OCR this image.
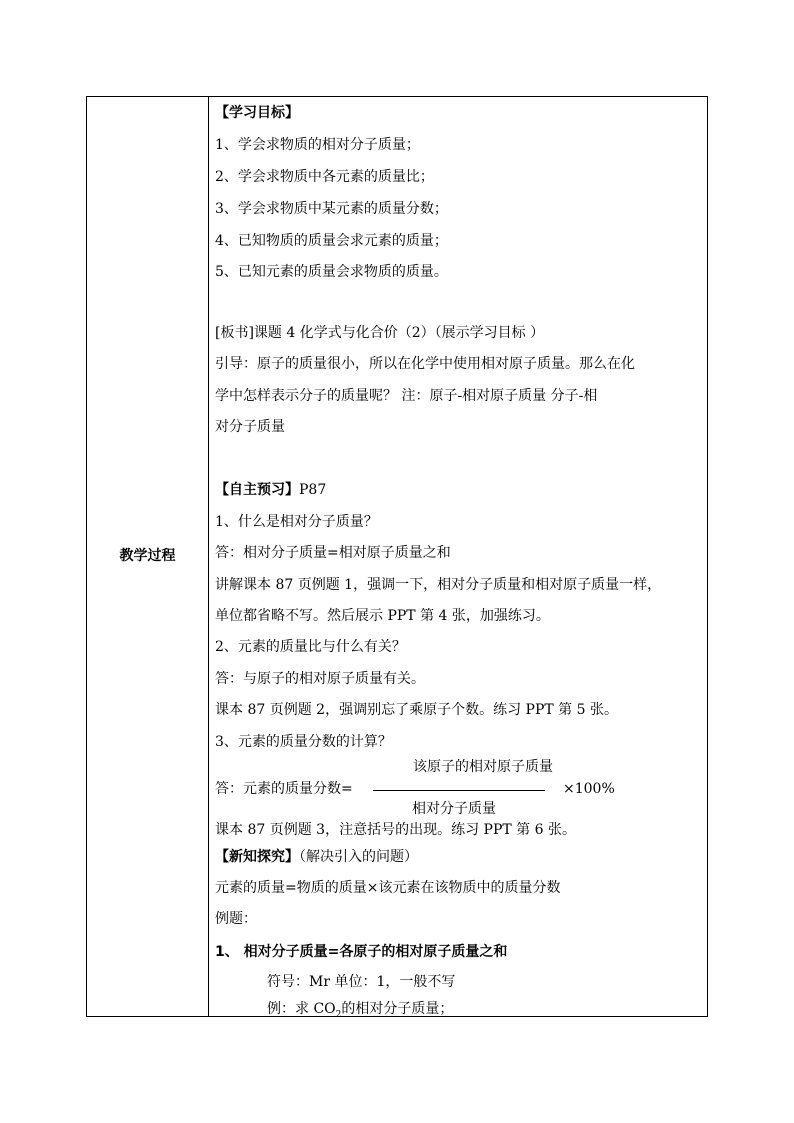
教学过程
【学习目标】
1、学会求物质的相对分子质量；
2、学会求物质中各元素的质量比；
3、学会求物质中某元素的质量分数；
4、已知物质的质量会求元素的质量；
5、已知元素的质量会求物质的质量。
[板书]课题 4 化学式与化合价（2）（展示学习目标 ）
引导：原子的质量很小，所以在化学中使用相对原子质量。那么在化
学中怎样表示分子的质量呢？ 注：原子-相对原子质量 分子-相
对分子质量
【自主预习】P87
1、什么是相对分子质量？
答：相对分子质量=相对原子质量之和
讲解课本 87 页例题 1，强调一下，相对分子质量和相对原子质量一样，
单位都省略不写。然后展示 PPT 第 4 张，加强练习。
2、元素的质量比与什么有关？
答：与原子的相对原子质量有关。
课本 87 页例题 2，强调别忘了乘原子个数。练习 PPT 第 5 张。
3、元素的质量分数的计算？
该原子的相对原子质量
答：元素的质量分数=	×100%
相对分子质量
课本 87 页例题 3，注意括号的出现。练习 PPT 第 6 张。
【新知探究】（解决引入的问题）
元素的质量=物质的质量×该元素在该物质中的质量分数
例题：
1、 相对分子质量=各原子的相对原子质量之和
符号：Mr 单位：1，一般不写
例：求 $CO_2$的相对分子质量；
